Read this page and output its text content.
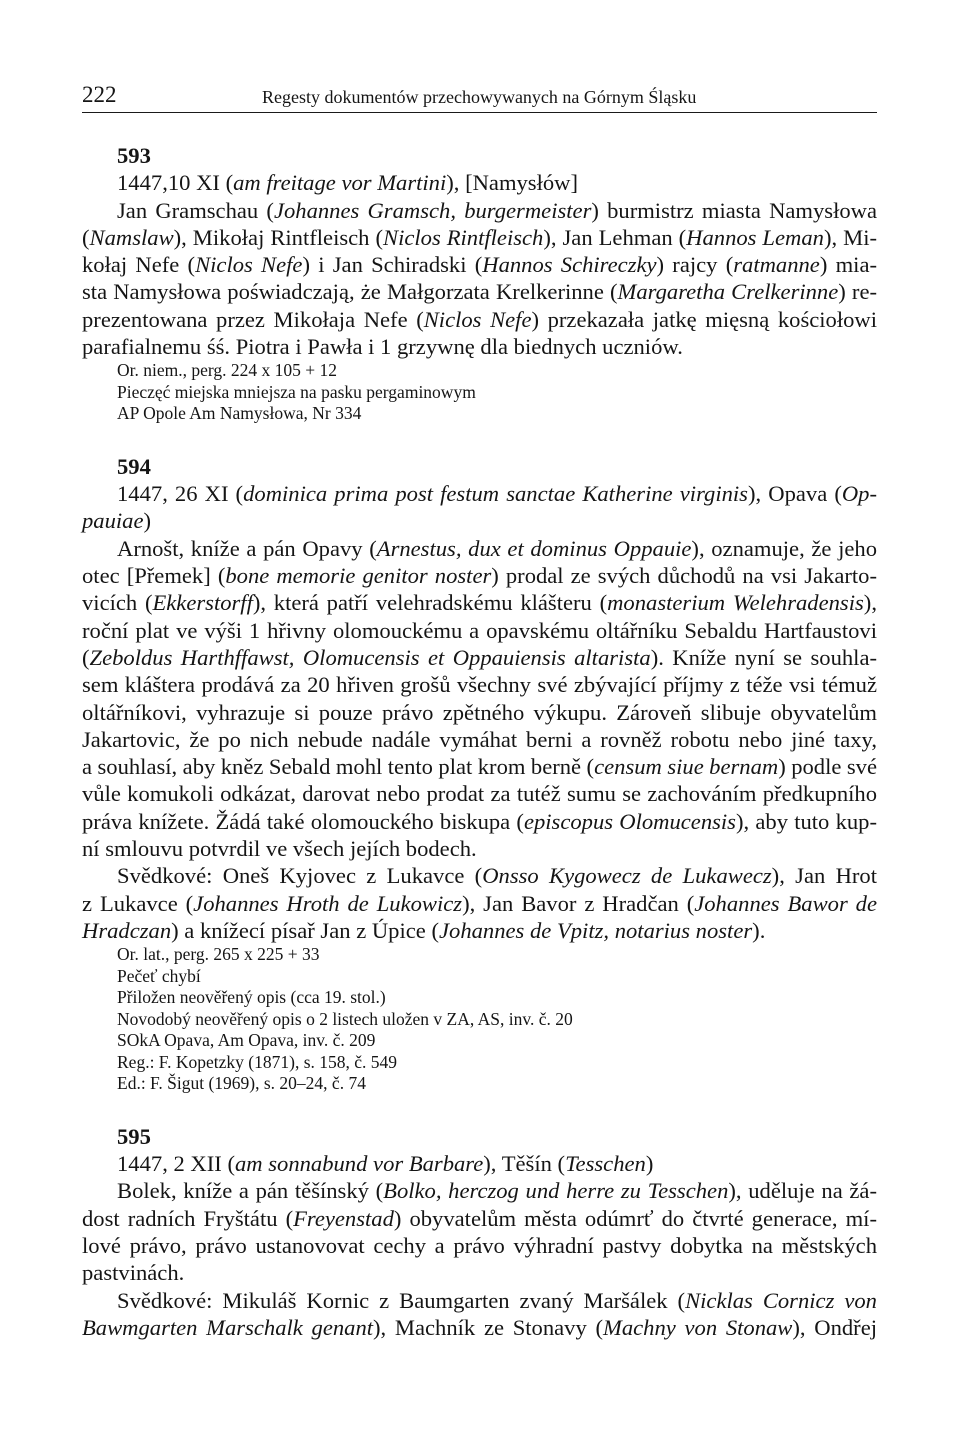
222	Regesty dokumentów przechowywanych na Górnym Śląsku
593
1447,10 XI (am freitage vor Martini), [Namysłów]
Jan Gramschau (Johannes Gramsch, burgermeister) burmistrz miasta Namysłowa
(Namslaw), Mikołaj Rintfleisch (Niclos Rintfleisch), Jan Lehman (Hannos Leman), Mi-
kołaj Nefe (Niclos Nefe) i Jan Schiradski (Hannos Schireczky) rajcy (ratmanne) mia-
sta Namysłowa poświadczają, że Małgorzata Krelkerinne (Margaretha Crelkerinne) re-
prezentowana przez Mikołaja Nefe (Niclos Nefe) przekazała jatkę mięsną kościołowi
parafialnemu śś. Piotra i Pawła i 1 grzywnę dla biednych uczniów.
Or. niem., perg. 224 x 105 + 12
Pieczęć miejska mniejsza na pasku pergaminowym
AP Opole Am Namysłowa, Nr 334
594
1447, 26 XI (dominica prima post festum sanctae Katherine virginis), Opava (Op-
pauiae)
Arnošt, kníže a pán Opavy (Arnestus, dux et dominus Oppauie), oznamuje, že jeho
otec [Přemek] (bone memorie genitor noster) prodal ze svých důchodů na vsi Jakarto-
vicích (Ekkerstorff), která patří velehradskému klášteru (monasterium Welehradensis),
roční plat ve výši 1 hřivny olomouckému a opavskému oltářníku Sebaldu Hartfaustovi
(Zeboldus Harthffawst, Olomucensis et Oppauiensis altarista). Kníže nyní se souhla-
sem kláštera prodává za 20 hřiven grošů všechny své zbývající příjmy z téže vsi témuž
oltářníkovi, vyhrazuje si pouze právo zpětného výkupu. Zároveň slibuje obyvatelům
Jakartovic, že po nich nebude nadále vymáhat berni a rovněž robotu nebo jiné taxy,
a souhlasí, aby kněz Sebald mohl tento plat krom berně (censum siue bernam) podle své
vůle komukoli odkázat, darovat nebo prodat za tutéž sumu se zachováním předkupního
práva knížete. Žádá také olomouckého biskupa (episcopus Olomucensis), aby tuto kup-
ní smlouvu potvrdil ve všech jejích bodech.
Svědkové: Oneš Kyjovec z Lukavce (Onsso Kygowecz de Lukawecz), Jan Hrot
z Lukavce (Johannes Hroth de Lukowicz), Jan Bavor z Hradčan (Johannes Bawor de
Hradczan) a knížecí písař Jan z Úpice (Johannes de Vpitz, notarius noster).
Or. lat., perg. 265 x 225 + 33
Pečeť chybí
Přiložen neověřený opis (cca 19. stol.)
Novodobý neověřený opis o 2 listech uložen v ZA, AS, inv. č. 20
SOkA Opava, Am Opava, inv. č. 209
Reg.: F. Kopetzky (1871), s. 158, č. 549
Ed.: F. Šigut (1969), s. 20–24, č. 74
595
1447, 2 XII (am sonnabund vor Barbare), Těšín (Tesschen)
Bolek, kníže a pán těšínský (Bolko, herczog und herre zu Tesschen), uděluje na žá-
dost radních Fryštátu (Freyenstad) obyvatelům města odúmrť do čtvrté generace, mí-
lové právo, právo ustanovovat cechy a právo výhradní pastvy dobytka na městských
pastvinách.
Svědkové: Mikuláš Kornic z Baumgarten zvaný Maršálek (Nicklas Cornicz von
Bawmgarten Marschalk genant), Machník ze Stonavy (Machny von Stonaw), Ondřej
